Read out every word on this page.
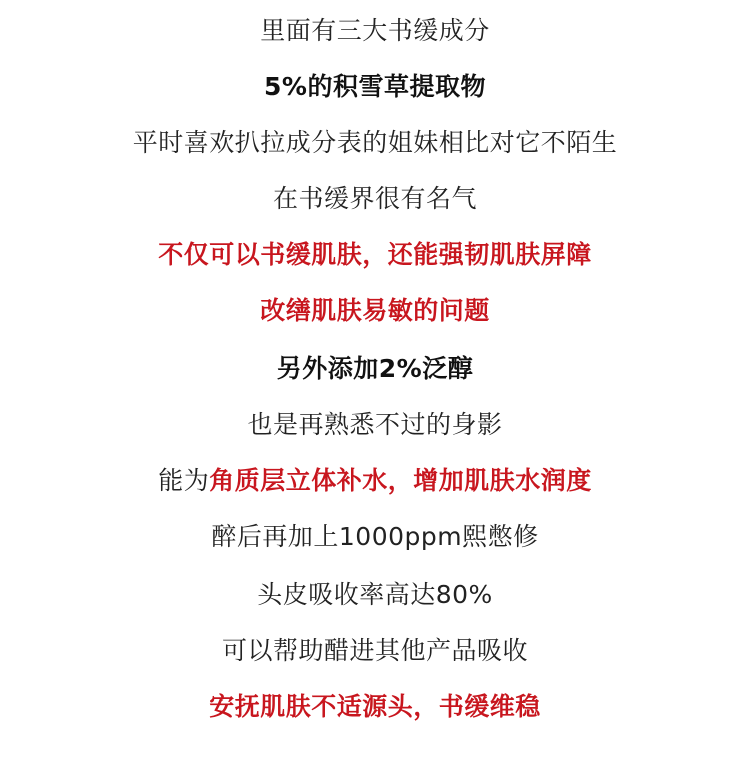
里面有三大书缓成分
5%的积雪草提取物
平时喜欢扒拉成分表的姐妹相比对它不陌生
在书缓界很有名气
不仅可以书缓肌肤，还能强韧肌肤屏障
改缮肌肤易敏的问题
另外添加2%泛醇
也是再熟悉不过的身影
能为角质层立体补水，增加肌肤水润度
醉后再加上1000ppm熙憋修
头皮吸收率高达80%
可以帮助醋进其他产品吸收
安抚肌肤不适源头，书缓维稳
